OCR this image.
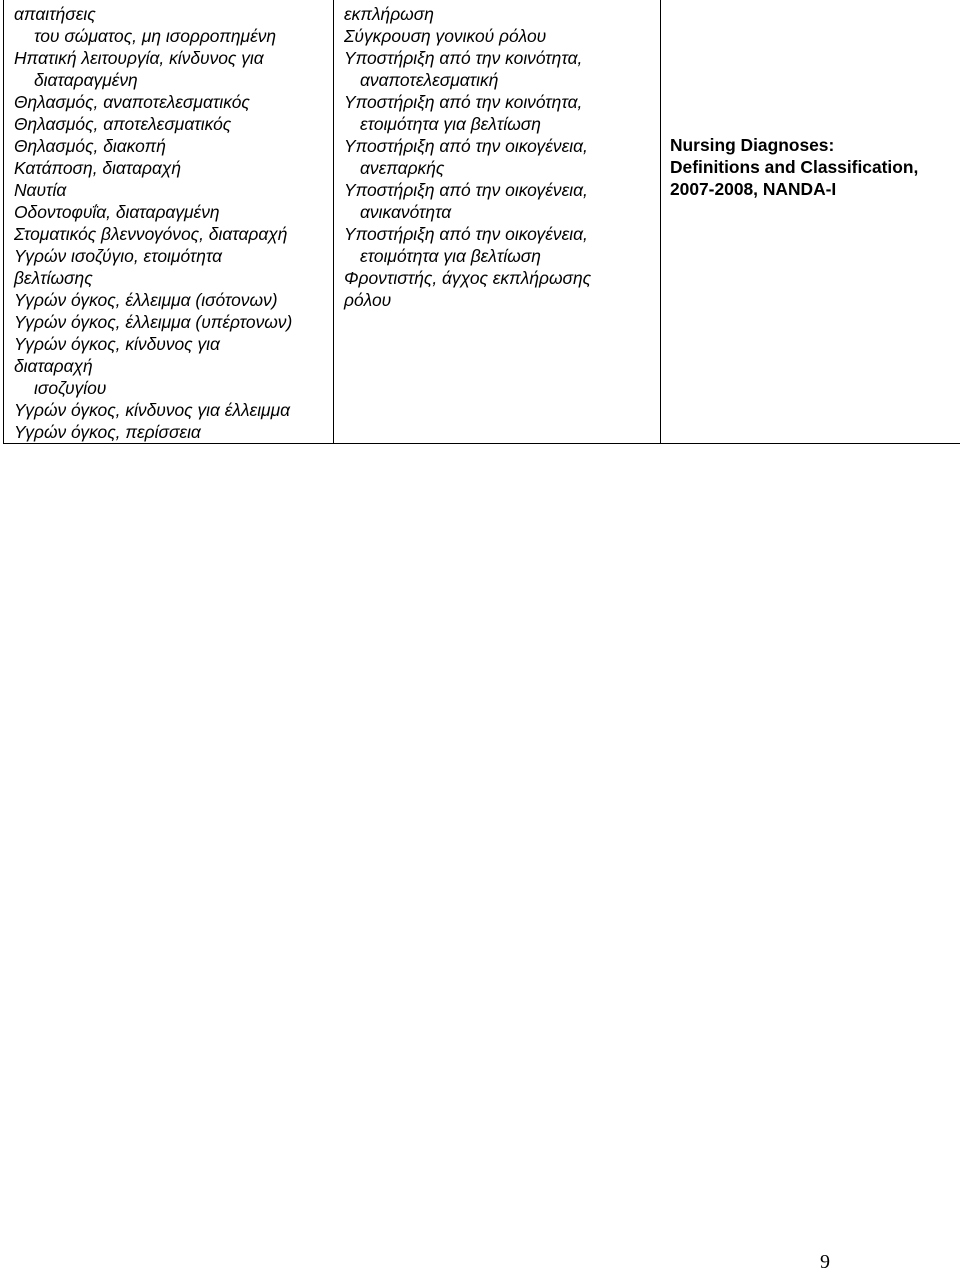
απαιτήσεις
του σώματος, μη ισορροπημένη
Ηπατική λειτουργία, κίνδυνος για
διαταραγμένη
Θηλασμός, αναποτελεσματικός
Θηλασμός, αποτελεσματικός
Θηλασμός, διακοπή
Κατάποση, διαταραχή
Ναυτία
Οδοντοφυΐα, διαταραγμένη
Στοματικός βλεννογόνος, διαταραχή
Υγρών ισοζύγιο, ετοιμότητα
βελτίωσης
Υγρών όγκος, έλλειμμα (ισότονων)
Υγρών όγκος, έλλειμμα (υπέρτονων)
Υγρών όγκος, κίνδυνος για
διαταραχή
ισοζυγίου
Υγρών όγκος, κίνδυνος για έλλειμμα
Υγρών όγκος, περίσσεια

εκπλήρωση
Σύγκρουση γονικού ρόλου
Υποστήριξη από την κοινότητα,
αναποτελεσματική
Υποστήριξη από την κοινότητα,
ετοιμότητα για βελτίωση
Υποστήριξη από την οικογένεια,
ανεπαρκής
Υποστήριξη από την οικογένεια,
ανικανότητα
Υποστήριξη από την οικογένεια,
ετοιμότητα για βελτίωση
Φροντιστής, άγχος εκπλήρωσης
ρόλου

Nursing Diagnoses:
Definitions and Classification,
2007-2008, NANDA-I
9
